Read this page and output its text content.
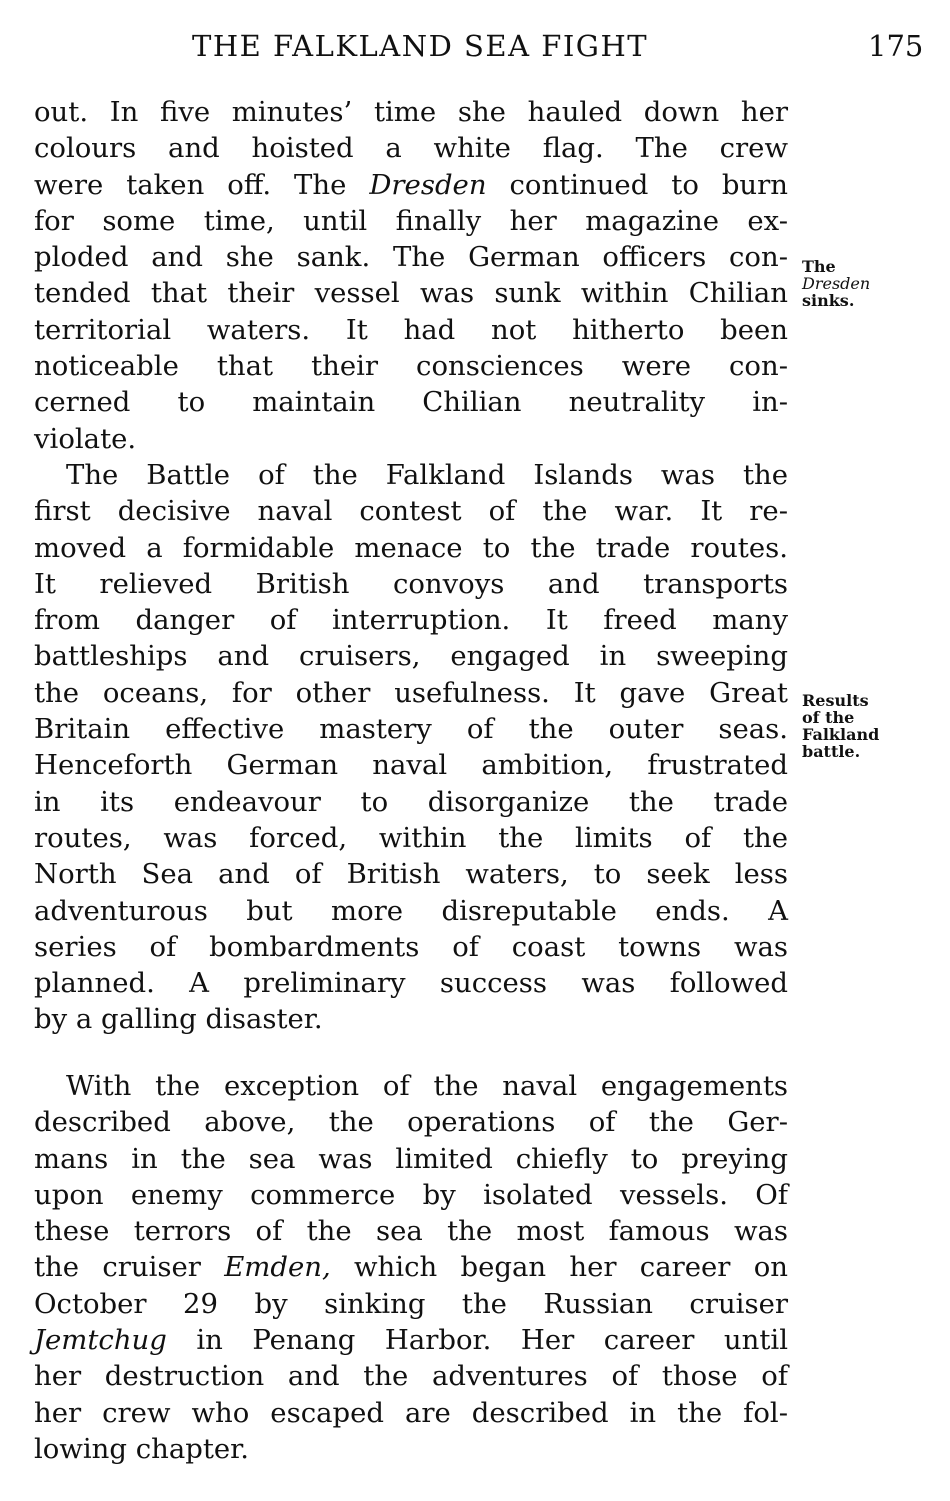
THE FALKLAND SEA FIGHT	175
out. In five minutes’ time she hauled down her
colours and hoisted a white flag. The crew
were taken off. The Dresden continued to burn
for some time, until finally her magazine ex-
ploded and she sank. The German officers con-
tended that their vessel was sunk within Chilian
territorial waters. It had not hitherto been
noticeable that their consciences were con-
cerned to maintain Chilian neutrality in-
violate.
The Battle of the Falkland Islands was the
first decisive naval contest of the war. It re-
moved a formidable menace to the trade routes.
It relieved British convoys and transports
from danger of interruption. It freed many
battleships and cruisers, engaged in sweeping
the oceans, for other usefulness. It gave Great
Britain effective mastery of the outer seas.
Henceforth German naval ambition, frustrated
in its endeavour to disorganize the trade
routes, was forced, within the limits of the
North Sea and of British waters, to seek less
adventurous but more disreputable ends. A
series of bombardments of coast towns was
planned. A preliminary success was followed
by a galling disaster.
With the exception of the naval engagements
described above, the operations of the Ger-
mans in the sea was limited chiefly to preying
upon enemy commerce by isolated vessels. Of
these terrors of the sea the most famous was
the cruiser Emden, which began her career on
October 29 by sinking the Russian cruiser
Jemtchug in Penang Harbor. Her career until
her destruction and the adventures of those of
her crew who escaped are described in the fol-
lowing chapter.
The
Dresden
sinks.
Results
of the
Falkland
battle.
